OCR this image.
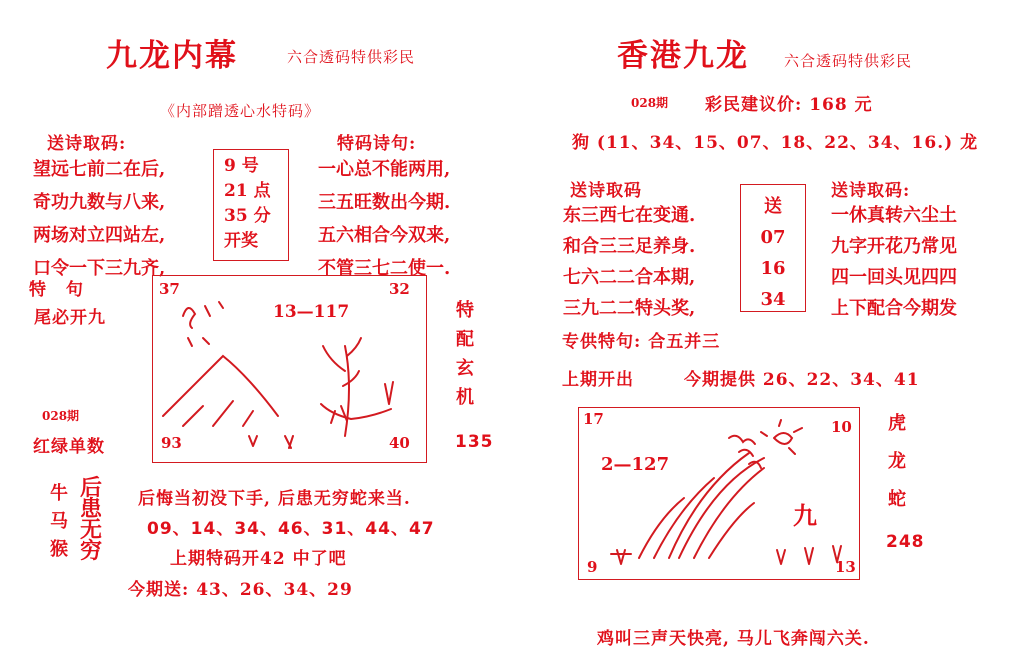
九龙内幕	六合透码特供彩民
《内部蹭透心水特码》
送诗取码:	特码诗句:
望远七前二在后,
奇功九数与八来,
两场对立四站左,
口令一下三九齐,
9 号
21 点
35 分
开奖
一心总不能两用,
三五旺数出今期.
五六相合今双来,
不管三七二使一.
特 句
尾必开九
028期
红绿单数
37	32
93	40
13—117	特
配
玄
机
135
牛
马
猴
后
患
无
穷
后悔当初没下手, 后患无穷蛇来当.
09、14、34、46、31、44、47
上期特码开42 中了吧
今期送: 43、26、34、29
香港九龙 六合透码特供彩民
028期 彩民建议价: 168 元
狗 (11、34、15、07、18、22、34、16.) 龙
送诗取码	送诗取码:
东三西七在变通.
和合三三足养身.
七六二二合本期,
三九二二特头奖,
送
07
16
34
一休真转六尘土
九字开花乃常见
四一回头见四四
上下配合今期发
专供特句: 合五并三
上期开出	今期提供 26、22、34、41
17	10
9	13
2—127
九
虎
龙
蛇
248
鸡叫三声天快亮, 马儿飞奔闯六关.
